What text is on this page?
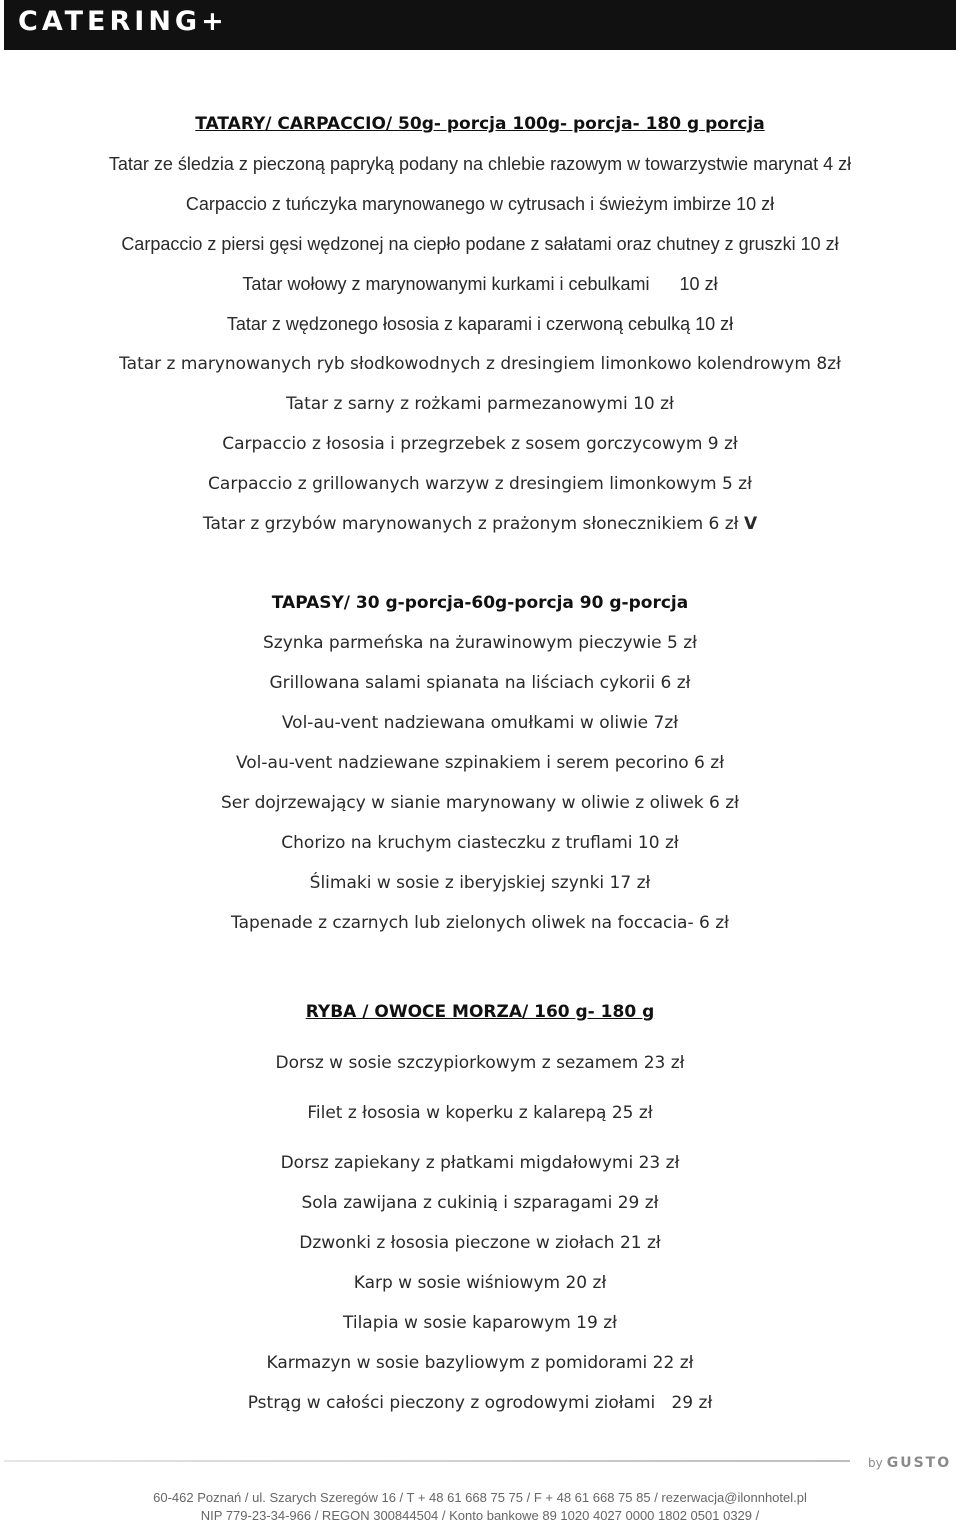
CATERING+
TATARY/ CARPACCIO/ 50g- porcja 100g- porcja- 180 g porcja
Tatar ze śledzia z pieczoną papryką podany na chlebie razowym w towarzystwie marynat 4 zł
Carpaccio z tuńczyka marynowanego w cytrusach i świeżym imbirze 10 zł
Carpaccio z piersi gęsi wędzonej na ciepło podane z sałatami oraz chutney z gruszki 10 zł
Tatar wołowy z marynowanymi kurkami i cebulkami      10 zł
Tatar z wędzonego łososia z kaparami i czerwoną cebulką 10 zł
Tatar z marynowanych ryb słodkowodnych z dresingiem limonkowo kolendrowym 8zł
Tatar z sarny z rożkami parmezanowymi 10 zł
Carpaccio z łososia i przegrzebek z sosem gorczycowym 9 zł
Carpaccio z grillowanych warzyw z dresingiem limonkowym 5 zł
Tatar z grzybów marynowanych z prażonym słonecznikiem 6 zł V
TAPASY/ 30 g-porcja-60g-porcja 90 g-porcja
Szynka parmeńska na żurawinowym pieczywie 5 zł
Grillowana salami spianata na liściach cykorii 6 zł
Vol-au-vent nadziewana omułkami w oliwie 7zł
Vol-au-vent nadziewane szpinakiem i serem pecorino 6 zł
Ser dojrzewający w sianie marynowany w oliwie z oliwek 6 zł
Chorizo na kruchym ciasteczku z truflami 10 zł
Ślimaki w sosie z iberyjskiej szynki 17 zł
Tapenade z czarnych lub zielonych oliwek na foccacia- 6 zł
RYBA / OWOCE MORZA/ 160 g- 180 g
Dorsz w sosie szczypiorkowym z sezamem 23 zł
Filet z łososia w koperku z kalarepą 25 zł
Dorsz zapiekany z płatkami migdałowymi 23 zł
Sola zawijana z cukinią i szparagami 29 zł
Dzwonki z łososia pieczone w ziołach 21 zł
Karp w sosie wiśniowym 20 zł
Tilapia w sosie kaparowym 19 zł
Karmazyn w sosie bazyliowym z pomidorami 22 zł
Pstrąg w całości pieczony z ogrodowymi ziołami   29 zł
by GUSTO
60-462 Poznań / ul. Szarych Szeregów 16 / T + 48 61 668 75 75 / F + 48 61 668 75 85 / rezerwacja@ilonnhotel.pl
NIP 779-23-34-966 / REGON 300844504 / Konto bankowe 89 1020 4027 0000 1802 0501 0329 /
